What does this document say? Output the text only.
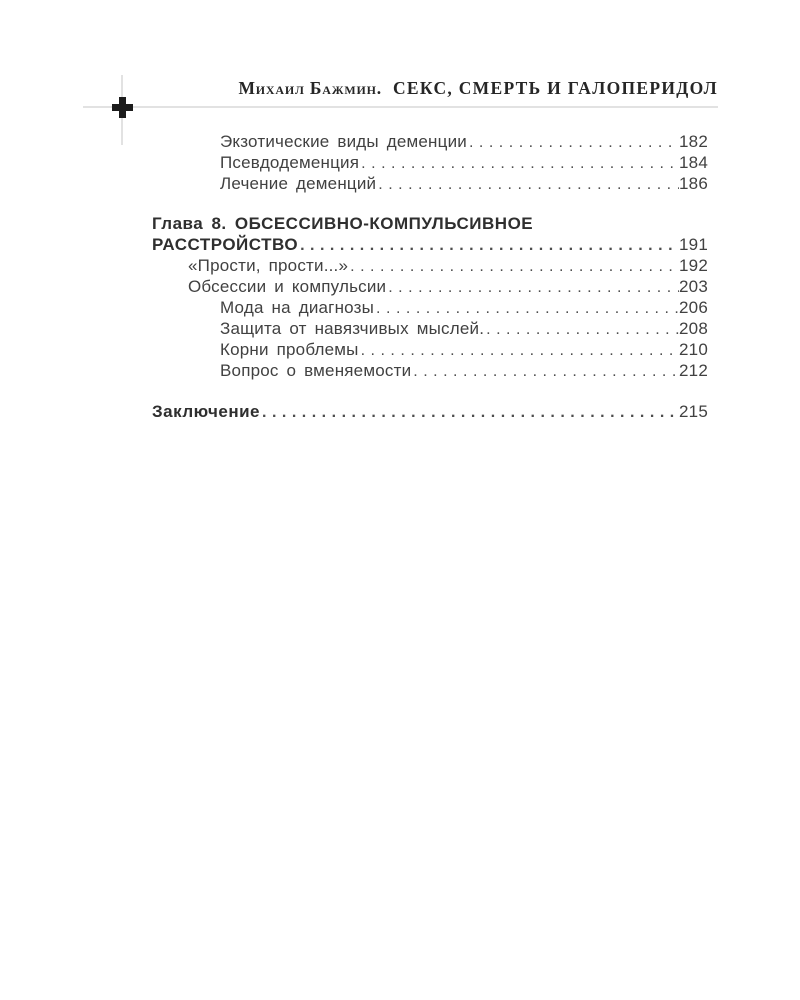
Михаил Бажмин. СЕКС, СМЕРТЬ И ГАЛОПЕРИДОЛ
Экзотические виды деменции .....	182
Псевдодеменция .....	184
Лечение деменций .....	186
Глава 8. ОБСЕССИВНО-КОМПУЛЬСИВНОЕ
РАССТРОЙСТВО .....	191
«Прости, прости...» .....	192
Обсессии и компульсии .....	203
Мода на диагнозы .....	206
Защита от навязчивых мыслей. .....	208
Корни проблемы .....	210
Вопрос о вменяемости .....	212
Заключение .....	215
